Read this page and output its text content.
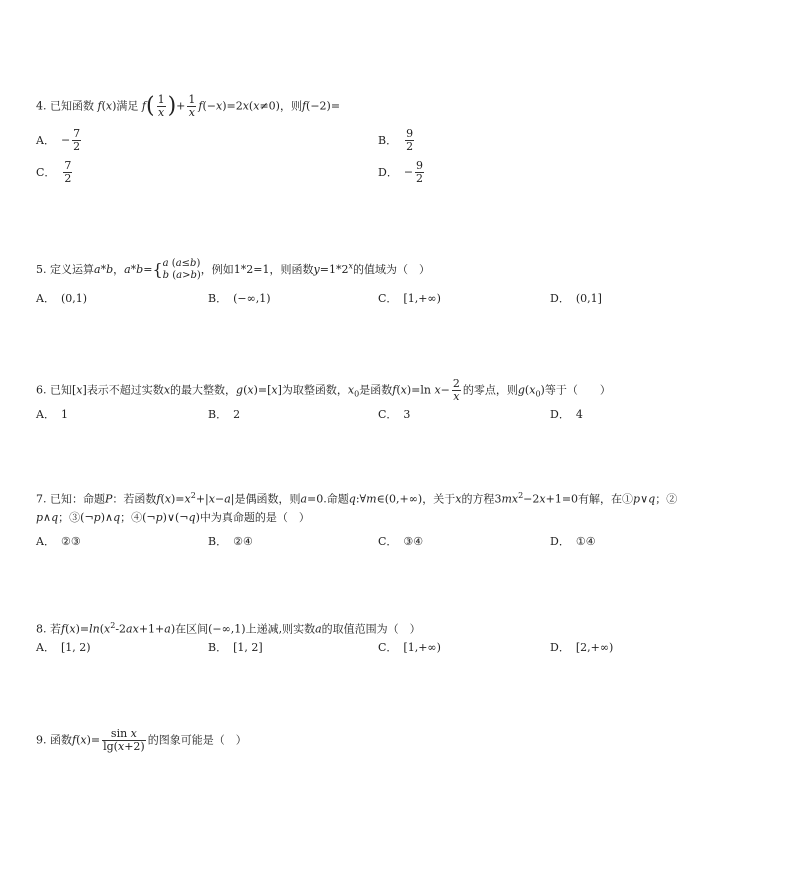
4. 已知函数 f(x)满足 $f( \frac{1}{x}$ )+ $\frac{1}{x} f(-x)=2x(x\ne 0)$，则f(−2)=
A． − $\frac{7}{2}$	B． $\frac{9}{2}$
C． $\frac{7}{2}$	D． − $\frac{9}{2}$
5. 定义运算a*b，a*b={ a (a≤b)
b (a>b) ，例如1*2=1，则函数$y=1*2^x$的值域为（　）
A． (0,1)	B． (−∞,1)	C． [1,+∞)	D． (0,1]
6. 已知[x]表示不超过实数x的最大整数，g(x)=[x]为取整函数，$x_0$是函数f(x)=ln $x- \frac{2}{x}$ 的零点，则$g(x_0)$等于（　　）
A． 1	B． 2	C． 3	D． 4
7. 已知：命题P：若函数$f(x)=x^2+|x-a|$是偶函数，则a=0.命题q:∀m∈(0,+∞)，关于x的方程$3mx^2-2x+1=0$有解，在①p∨q；②
p∧q；③(¬p)∧q；④(¬p)∨(¬q)中为真命题的是（　）
A． ②③	B． ②④	C． ③④	D． ①④
8. 若$f(x)=\ln(x^2-2ax+1+a)$在区间(−∞,1)上递减,则实数a的取值范围为（　）
A． [1, 2)	B． [1, 2]	C． [1,+∞)	D． [2,+∞)
9. 函数$f(x)= \frac{\text{sin x}}{\lg(x+2)}$ 的图象可能是（　）
